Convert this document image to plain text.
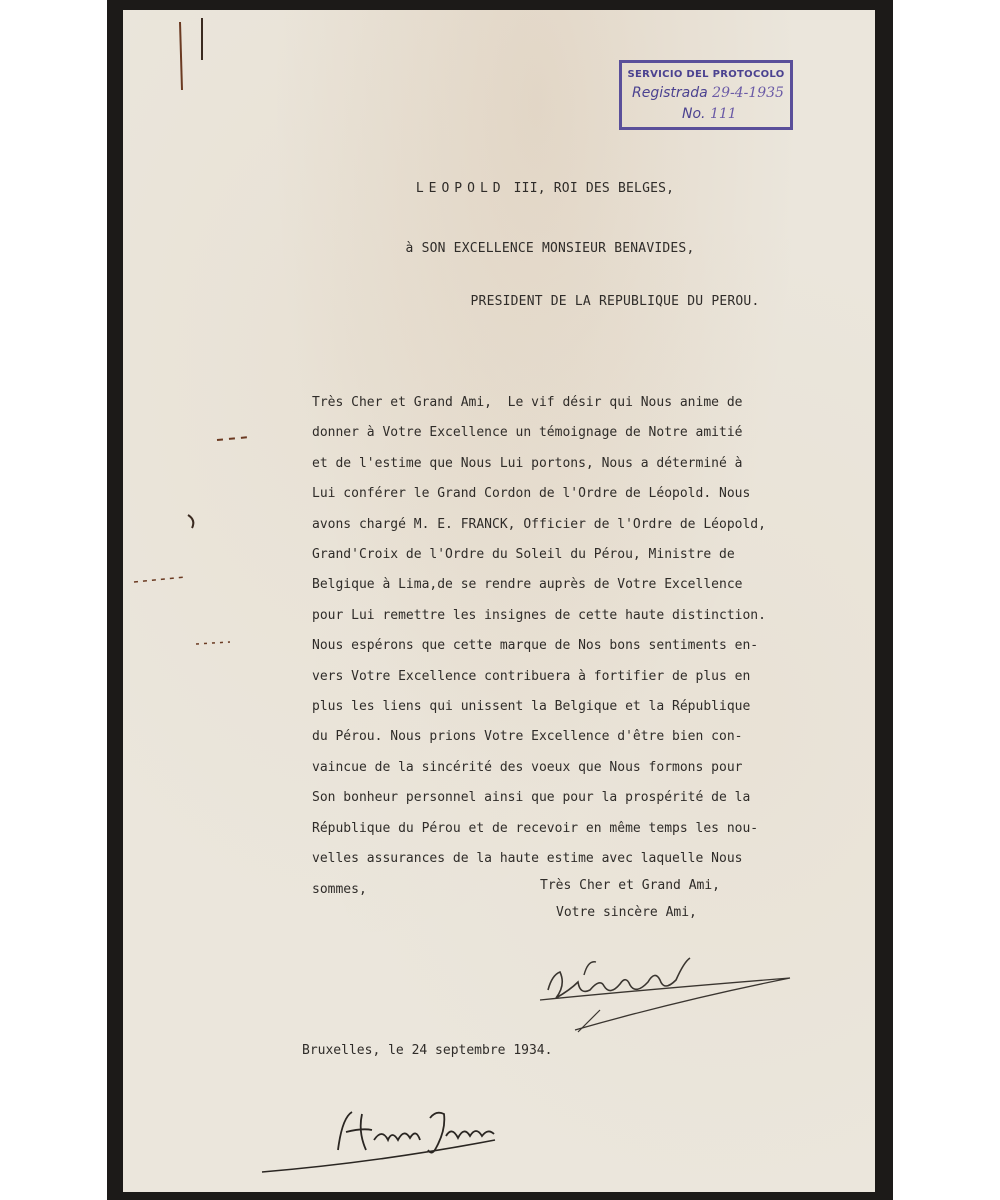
SERVICIO DEL PROTOCOLO
Registrada 29-4-1935
No. 111
LEOPOLD III, ROI DES BELGES,
à SON EXCELLENCE MONSIEUR BENAVIDES,
PRESIDENT DE LA REPUBLIQUE DU PEROU.
Très Cher et Grand Ami,  Le vif désir qui Nous anime de
donner à Votre Excellence un témoignage de Notre amitié
et de l'estime que Nous Lui portons, Nous a déterminé à
Lui conférer le Grand Cordon de l'Ordre de Léopold. Nous
avons chargé M. E. FRANCK, Officier de l'Ordre de Léopold,
Grand'Croix de l'Ordre du Soleil du Pérou, Ministre de
Belgique à Lima,de se rendre auprès de Votre Excellence
pour Lui remettre les insignes de cette haute distinction.
Nous espérons que cette marque de Nos bons sentiments en-
vers Votre Excellence contribuera à fortifier de plus en
plus les liens qui unissent la Belgique et la République
du Pérou. Nous prions Votre Excellence d'être bien con-
vaincue de la sincérité des voeux que Nous formons pour
Son bonheur personnel ainsi que pour la prospérité de la
République du Pérou et de recevoir en même temps les nou-
velles assurances de la haute estime avec laquelle Nous
sommes,	Très Cher et Grand Ami,
Votre sincère Ami,
Bruxelles, le 24 septembre 1934.
